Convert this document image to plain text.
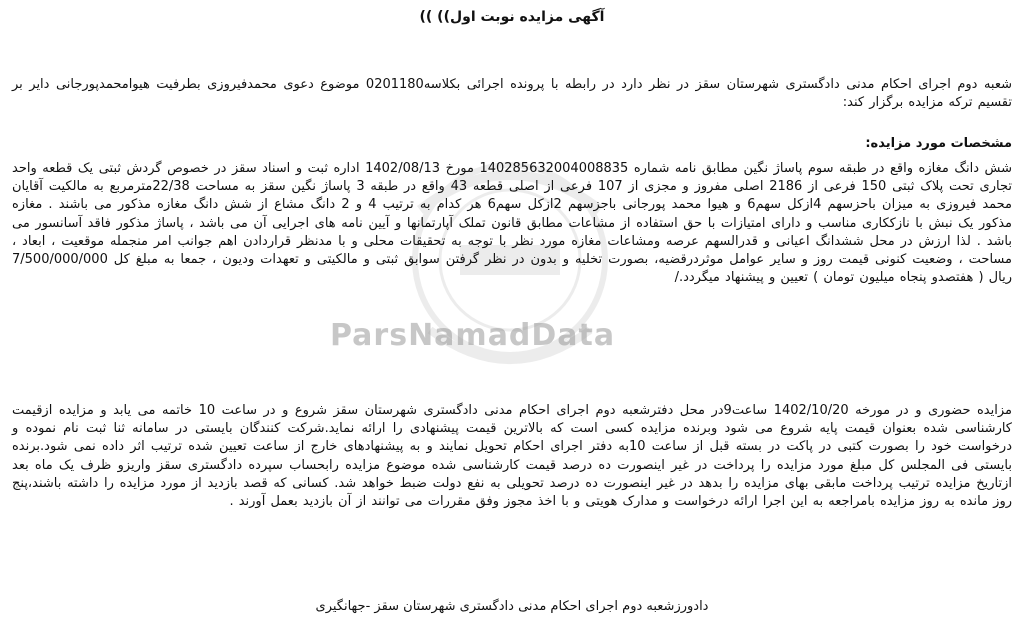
ParsNamadData
آگهی مزایده نوبت اول)) ))
شعبه دوم اجرای احکام مدنی دادگستری شهرستان سقز در نظر دارد در رابطه با پرونده اجرائی بکلاسه0201180 موضوع دعوی محمدفیروزی بطرفیت هیوامحمدپورجانی دایر بر تقسیم ترکه مزایده برگزار کند:
مشخصات مورد مزایده:
شش دانگ مغازه واقع در طبقه سوم پاساژ نگین مطابق نامه شماره 140285632004008835 مورخ 1402/08/13 اداره ثبت و اسناد سقز در خصوص گردش ثبتی یک قطعه واحد تجاری تحت پلاک ثبتی 150 فرعی از 2186 اصلی مفروز و مجزی از 107 فرعی از اصلی قطعه 43 واقع در طبقه 3 پاساژ نگین سقز به مساحت 22/38مترمربع به مالکیت آقایان محمد فیروزی به میزان باحزسهم 4ازکل سهم6 و هیوا محمد پورجانی باجزسهم 2ازکل سهم6 هر کدام به ترتیب 4 و 2 دانگ مشاع از شش دانگ مغازه مذکور می باشند . مغازه مذکور یک نبش با نازککاری مناسب و دارای امتیازات با حق استفاده از مشاعات مطابق قانون تملک آپارتمانها و آیین نامه های اجرایی آن می باشد ، پاساژ مذکور فاقد آسانسور می باشد . لذا ارزش در محل ششدانگ اعیانی و قدرالسهم عرصه ومشاعات مغازه مورد نظر با توجه به تحقیقات محلی و با مدنظر قراردادن اهم جوانب امر منجمله موقعیت ، ابعاد ، مساحت ، وضعیت کنونی قیمت روز و سایر عوامل موثردرقضیه، بصورت تخلیه و بدون در نظر گرفتن سوابق ثبتی و مالکیتی و تعهدات ودیون ، جمعا به مبلغ کل 7/500/000/000 ریال ( هفتصدو پنجاه میلیون تومان ) تعیین و پیشنهاد میگردد./
مزایده حضوری و در مورخه 1402/10/20 ساعت9در محل دفترشعبه دوم اجرای احکام مدنی دادگستری شهرستان سقز شروع و در ساعت 10 خاتمه می یابد و مزایده ازقیمت کارشناسی شده بعنوان قیمت پایه شروع می شود وبرنده مزایده کسی است که بالاترین قیمت پیشنهادی را ارائه نماید.شرکت کنندگان بایستی در سامانه ثنا ثبت نام نموده و درخواست خود را بصورت کتبی در پاکت در بسته قبل از ساعت 10به دفتر اجرای احکام تحویل نمایند و به پیشنهادهای خارج از ساعت تعیین شده ترتیب اثر داده نمی شود.برنده بایستی فی المجلس کل مبلغ مورد مزایده را پرداخت در غیر اینصورت ده درصد قیمت کارشناسی شده موضوع مزایده رابحساب سپرده دادگستری سقز واریزو ظرف یک ماه بعد ازتاریخ مزایده ترتیب پرداخت مابقی بهای مزایده را بدهد در غیر اینصورت ده درصد تحویلی به نفع دولت ضبط خواهد شد. کسانی که قصد بازدید از مورد مزایده را داشته باشند،پنج روز مانده به روز مزایده بامراجعه به این اجرا ارائه درخواست و مدارک هویتی و با اخذ مجوز وفق مقررات می توانند از آن بازدید بعمل آورند .
دادورزشعبه دوم اجرای احکام مدنی دادگستری شهرستان سقز -جهانگیری
